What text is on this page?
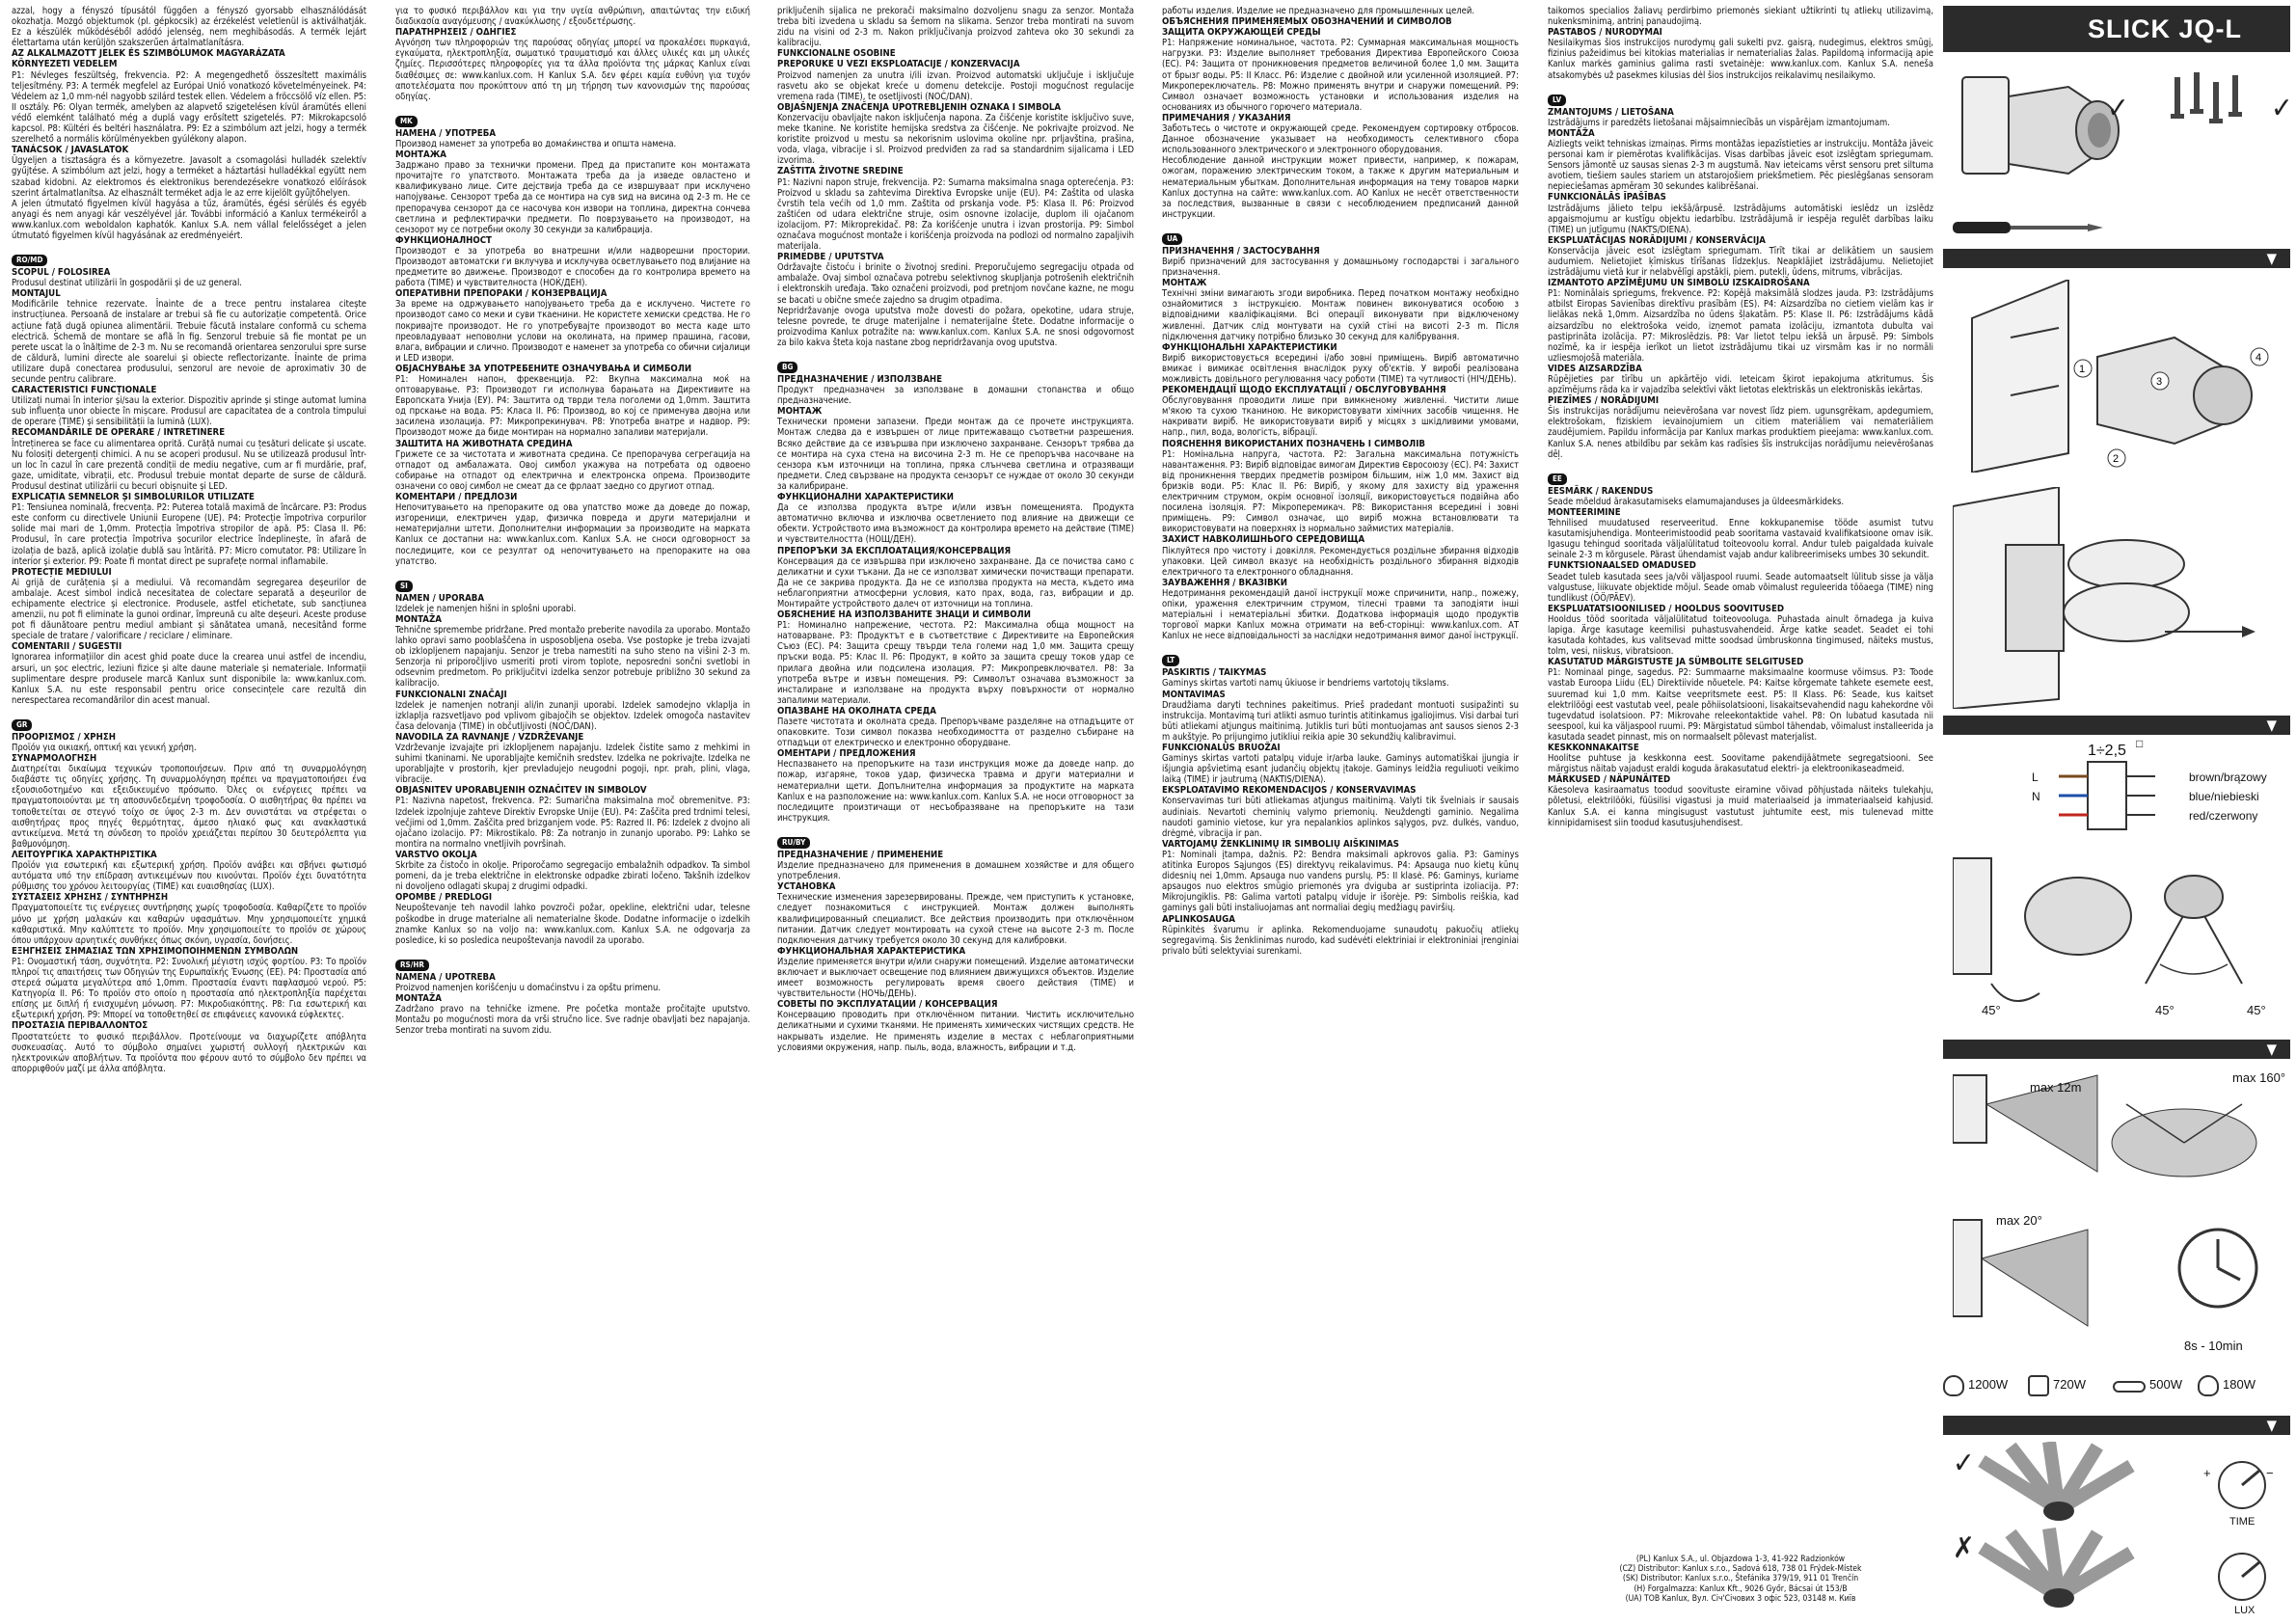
azzal, hogy a fényszó típusától függően a fényszó gyorsabb elhasználódását okozhatja. Mozgó objektumok (pl. gépkocsik) az érzékelést veletlenül is aktiválhatják. Ez a készülék működéséből adódó jelenség, nem meghibásodás. A termék lejárt élettartama után kerüljön szakszerűen ártalmatlanításra.

AZ ALKALMAZOTT JELEK ÉS SZIMBÓLUMOK MAGYARÁZATA
KÖRNYEZETI VEDELEM

P1: Névleges feszültség, frekvencia. P2: A megengedhető összesített maximális teljesítmény. P3: A termék megfelel az Európai Unió vonatkozó követelményeinek. P4: Védelem az 1,0 mm-nél nagyobb szilárd testek ellen. Védelem a fröccsölő víz ellen. P5: II osztály. P6: Olyan termék, amelyben az alapvető szigetelésen kívül áramütés elleni védő elemként található még a duplá vagy erősített szigetelés. P7: Mikrokapcsoló kapcsol. P8: Kültéri és beltéri használatra. P9: Ez a szimbólum azt jelzi, hogy a termék szerelhető a normális körülményekben gyúlékony alapon.

TANÁCSOK / JAVASLATOK

Ügyeljen a tisztaságra és a környezetre. Javasolt a csomagolási hulladék szelektív gyűjtése. A szimbólum azt jelzi, hogy a terméket a háztartási hulladékkal együtt nem szabad kidobni. Az elektromos és elektronikus berendezésekre vonatkozó előírások szerint ártalmatlanítsa. Az elhasznált terméket adja le az erre kijelölt gyűjtőhelyen.

A jelen útmutató figyelmen kívül hagyása a tűz, áramütés, égési sérülés és egyéb anyagi és nem anyagi kár veszélyével jár. További információ a Kanlux termékeiről a www.kanlux.com weboldalon kaphatók. Kanlux S.A. nem vállal felelősséget a jelen útmutató figyelmen kívül hagyásának az eredményeiért.

RO/MD
SCOPUL / FOLOSIREA

Produsul destinat utilizării în gospodării și de uz general.

MONTAJUL

Modificările tehnice rezervate. Înainte de a trece pentru instalarea citește instrucțiunea. Persoană de instalare ar trebui să fie cu autorizație competentă. Orice acțiune față dugă opiunea alimentării. Trebuie făcută instalare conformă cu schema electrică. Schemă de montare se află în fig. Senzorul trebuie să fie montat pe un perete uscat la o înălțime de 2-3 m. Nu se recomandă orientarea senzorului spre surse de căldură, lumini directe ale soarelui și obiecte reflectorizante. Înainte de prima utilizare după conectarea produsului, senzorul are nevoie de aproximativ 30 de secunde pentru calibrare.

CARACTERISTICI FUNCȚIONALE

Utilizați numai în interior și/sau la exterior. Dispozitiv aprinde și stinge automat lumina sub influența unor obiecte în mișcare. Produsul are capacitatea de a controla timpului de operare (TIME) și sensibilității la lumină (LUX).

RECOMANDĂRILE DE OPERARE / INTRETINERE

Întreținerea se face cu alimentarea oprită. Curăță numai cu țesături delicate și uscate. Nu folosiți detergenți chimici. A nu se acoperi produsul. Nu se utilizează produsul într-un loc în cazul în care prezentă condiții de mediu negative, cum ar fi murdărie, praf, gaze, umiditate, vibrații, etc. Produsul trebuie montat departe de surse de căldură. Produsul destinat utilizării cu becuri obișnuite și LED.

EXPLICAȚIA SEMNELOR ȘI SIMBOLURILOR UTILIZATE

P1: Tensiunea nominală, frecvența. P2: Puterea totală maximă de încărcare. P3: Produs este conform cu directivele Uniunii Europene (UE). P4: Protecție împotriva corpurilor solide mai mari de 1,0mm. Protecția împotriva stropilor de apă. P5: Clasa II. P6: Produsul, în care protecția împotriva șocurilor electrice îndeplinește, în afară de izolația de bază, aplică izolație dublă sau întărită. P7: Micro comutator. P8: Utilizare în interior și exterior. P9: Poate fi montat direct pe suprafețe normal inflamabile.

PROTECȚIE MEDIULUI

Ai grijă de curățenia și a mediului. Vă recomandăm segregarea deșeurilor de ambalaje. Acest simbol indică necesitatea de colectare separată a deșeurilor de echipamente electrice și electronice. Produsele, astfel etichetate, sub sancțiunea amenzii, nu pot fi eliminate la gunoi ordinar, împreună cu alte deșeuri. Aceste produse pot fi dăunătoare pentru mediul ambiant și sănătatea umană, necesitând forme speciale de tratare / valorificare / reciclare / eliminare.

COMENTARII / SUGESTII

Ignorarea informațiilor din acest ghid poate duce la crearea unui astfel de incendiu, arsuri, un șoc electric, leziuni fizice și alte daune materiale și nemateriale. Informații suplimentare despre produsele marcă Kanlux sunt disponibile la: www.kanlux.com. Kanlux S.A. nu este responsabil pentru orice consecințele care rezultă din nerespectarea recomandărilor din acest manual.

GR
ΠΡΟΟΡΙΣΜΟΣ / ΧΡΗΣΗ

Προϊόν για οικιακή, οπτική και γενική χρήση.

ΣΥΝΑΡΜΟΛΟΓΗΣΗ

Διατηρείται δικαίωμα τεχνικών τροποποιήσεων. Πριν από τη συναρμολόγηση διαβάστε τις οδηγίες χρήσης. Τη συναρμολόγηση πρέπει να πραγματοποιήσει ένα εξουσιοδοτημένο και εξειδικευμένο πρόσωπο. Όλες οι ενέργειες πρέπει να πραγματοποιούνται με τη αποσυνδεδεμένη τροφοδοσία. Ο αισθητήρας θα πρέπει να τοποθετείται σε στεγνό τοίχο σε ύψος 2-3 m. Δεν συνιστάται να στρέφεται ο αισθητήρας προς πηγές θερμότητας, άμεσο ηλιακό φως και ανακλαστικά αντικείμενα. Μετά τη σύνδεση το προϊόν χρειάζεται περίπου 30 δευτερόλεπτα για βαθμονόμηση.

ΛΕΙΤΟΥΡΓΙΚΑ ΧΑΡΑΚΤΗΡΙΣΤΙΚΑ

Προϊόν για εσωτερική και εξωτερική χρήση. Προϊόν ανάβει και σβήνει φωτισμό αυτόματα υπό την επίδραση αντικειμένων που κινούνται. Προϊόν έχει δυνατότητα ρύθμισης του χρόνου λειτουργίας (TIME) και ευαισθησίας (LUX).

ΣΥΣΤΑΣΕΙΣ ΧΡΗΣΗΣ / ΣΥΝΤΗΡΗΣΗ

Πραγματοποιείτε τις ενέργειες συντήρησης χωρίς τροφοδοσία. Καθαρίζετε το προϊόν μόνο με χρήση μαλακών και καθαρών υφασμάτων. Μην χρησιμοποιείτε χημικά καθαριστικά. Μην καλύπτετε το προϊόν. Μην χρησιμοποιείτε το προϊόν σε χώρους όπου υπάρχουν αρνητικές συνθήκες όπως σκόνη, υγρασία, δονήσεις.

ΕΞΗΓΗΣΕΙΣ ΣΗΜΑΣΙΑΣ ΤΩΝ ΧΡΗΣΙΜΟΠΟΙΗΜΕΝΩΝ ΣΥΜΒΟΛΩΝ

P1: Ονομαστική τάση, συχνότητα. P2: Συνολική μέγιστη ισχύς φορτίου. P3: Το προϊόν πληροί τις απαιτήσεις των Οδηγιών της Ευρωπαϊκής Ένωσης (ΕΕ). P4: Προστασία από στερεά σώματα μεγαλύτερα από 1,0mm. Προστασία έναντι παφλασμού νερού. P5: Κατηγορία II. P6: Το προϊόν στο οποίο η προστασία από ηλεκτροπληξία παρέχεται επίσης με διπλή ή ενισχυμένη μόνωση. P7: Μικροδιακόπτης. P8: Για εσωτερική και εξωτερική χρήση. P9: Μπορεί να τοποθετηθεί σε επιφάνειες κανονικά εύφλεκτες.

ΠΡΟΣΤΑΣΙΑ ΠΕΡΙΒΑΛΛΟΝΤΟΣ

Προστατεύετε το φυσικό περιβάλλον. Προτείνουμε να διαχωρίζετε απόβλητα συσκευασίας. Αυτό το σύμβολο σημαίνει χωριστή συλλογή ηλεκτρικών και ηλεκτρονικών αποβλήτων. Τα προϊόντα που φέρουν αυτό το σύμβολο δεν πρέπει να απορριφθούν μαζί με άλλα απόβλητα.

για το φυσικό περιβάλλον και για την υγεία ανθρώπινη, απαιτώντας την ειδική διαδικασία αναγόμευσης / ανακύκλωσης / εξουδετέρωσης.

ΠΑΡΑΤΗΡΗΣΕΙΣ / ΟΔΗΓΙΕΣ

Αγνόηση των πληροφοριών της παρούσας οδηγίας μπορεί να προκαλέσει πυρκαγιά, εγκαύματα, ηλεκτροπληξία, σωματικό τραυματισμό και άλλες υλικές και μη υλικές ζημίες. Περισσότερες πληροφορίες για τα άλλα προϊόντα της μάρκας Kanlux είναι διαθέσιμες σε: www.kanlux.com. Η Kanlux S.A. δεν φέρει καμία ευθύνη για τυχόν αποτελέσματα που προκύπτουν από τη μη τήρηση των κανονισμών της παρούσας οδηγίας.

MK
НАМЕНА / УПОТРЕБА

Производ наменет за употреба во домаќинства и општа намена.

МОНТАЖА

Задржано право за технички промени. Пред да пристапите кон монтажата прочитајте го упатството. Монтажата треба да ја изведе овластено и квалификувано лице. Сите дејствија треба да се извршуваат при исклучено напојување. Сензорот треба да се монтира на сув ѕид на висина од 2-3 m. Не се препорачува сензорот да се насочува кон извори на топлина, директна сончева светлина и рефлектирачки предмети. По поврзувањето на производот, на сензорот му се потребни околу 30 секунди за калибрација.

ФУНКЦИОНАЛНОСТ

Производот е за употреба во внатрешни и/или надворешни простории. Производот автоматски ги вклучува и исклучува осветлувањето под влијание на предметите во движење. Производот е способен да го контролира времето на работа (TIME) и чувствителноста (НОЌ/ДЕН).

ОПЕРАТИВНИ ПРЕПОРАКИ / КОНЗЕРВАЦИЈА

За време на одржувањето напојувањето треба да е исклучено. Чистете го производот само со меки и суви ткаенини. Не користете хемиски средства. Не го покривајте производот. Не го употребувајте производот во места каде што преовладуваат неповолни услови на околината, на пример прашина, гасови, влага, вибрации и слично. Производот е наменет за употреба со обични сијалици и LED извори.

ОБЈАСНУВАЊЕ ЗА УПОТРЕБЕНИТЕ ОЗНАЧУВАЊА И СИМБОЛИ

P1: Номинален напон, фреквенција. P2: Вкупна максимална моќ на оптоварување. P3: Производот ги исполнува барањата на Директивите на Европската Унија (ЕУ). P4: Заштита од тврди тела поголеми од 1,0mm. Заштита од прскање на вода. P5: Класа II. P6: Производ, во кој се применува двојна или засилена изолација. P7: Микропрекинувач. P8: Употреба внатре и надвор. P9: Производот може да биде монтиран на нормално запаливи материјали.

ЗАШТИТА НА ЖИВОТНАТА СРЕДИНА

Грижете се за чистотата и животната средина. Се препорачува сегрегација на отпадот од амбалажата. Овој симбол укажува на потребата од одвоено собирање на отпадот од електрична и електронска опрема. Производите означени со овој симбол не смеат да се фрлаат заедно со другиот отпад.

КОМЕНТАРИ / ПРЕДЛОЗИ

Непочитувањето на препораките од ова упатство може да доведе до пожар, изгореници, електричен удар, физичка повреда и други материјални и нематеријални штети. Дополнителни информации за производите на марката Kanlux се достапни на: www.kanlux.com. Kanlux S.A. не сноси одговорност за последиците, кои се резултат од непочитувањето на препораките на ова упатство.

SI
NAMEN / UPORABA

Izdelek je namenjen hišni in splošni uporabi.

MONTAŽA

Tehnične spremembe pridržane. Pred montažo preberite navodila za uporabo. Montažo lahko opravi samo pooblaščena in usposobljena oseba. Vse postopke je treba izvajati ob izklopljenem napajanju. Senzor je treba namestiti na suho steno na višini 2-3 m. Senzorja ni priporočljivo usmeriti proti virom toplote, neposredni sončni svetlobi in odsevnim predmetom. Po priključitvi izdelka senzor potrebuje približno 30 sekund za kalibracijo.

FUNKCIONALNI ZNAČAJI

Izdelek je namenjen notranji ali/in zunanji uporabi. Izdelek samodejno vklaplja in izklaplja razsvetljavo pod vplivom gibajočih se objektov. Izdelek omogoča nastavitev časa delovanja (TIME) in občutljivosti (NOČ/DAN).

NAVODILA ZA RAVNANJE / VZDRŽEVANJE

Vzdrževanje izvajajte pri izklopljenem napajanju. Izdelek čistite samo z mehkimi in suhimi tkaninami. Ne uporabljajte kemičnih sredstev. Izdelka ne pokrivajte. Izdelka ne uporabljajte v prostorih, kjer prevladujejo neugodni pogoji, npr. prah, plini, vlaga, vibracije.

OBJASNITEV UPORABLJENIH OZNAČITEV IN SIMBOLOV

P1: Nazivna napetost, frekvenca. P2: Sumarična maksimalna moč obremenitve. P3: Izdelek izpolnjuje zahteve Direktiv Evropske Unije (EU). P4: Zaščita pred trdnimi telesi, večjimi od 1,0mm. Zaščita pred brizganjem vode. P5: Razred II. P6: Izdelek z dvojno ali ojačano izolacijo. P7: Mikrostikalo. P8: Za notranjo in zunanjo uporabo. P9: Lahko se montira na normalno vnetljivih površinah.

VARSTVO OKOLJA

Skrbite za čistočo in okolje. Priporočamo segregacijo embalažnih odpadkov. Ta simbol pomeni, da je treba električne in elektronske odpadke zbirati ločeno. Takšnih izdelkov ni dovoljeno odlagati skupaj z drugimi odpadki.

OPOMBE / PREDLOGI

Neupoštevanje teh navodil lahko povzroči požar, opekline, električni udar, telesne poškodbe in druge materialne ali nematerialne škode. Dodatne informacije o izdelkih znamke Kanlux so na voljo na: www.kanlux.com. Kanlux S.A. ne odgovarja za posledice, ki so posledica neupoštevanja navodil za uporabo.

RS/HR
NAMENA / UPOTREBA

Proizvod namenjen korišćenju u domaćinstvu i za opštu primenu.

MONTAŽA

Zadržano pravo na tehničke izmene. Pre početka montaže pročitajte uputstvo. Montažu po mogućnosti mora da vrši stručno lice. Sve radnje obavljati bez napajanja. Senzor treba montirati na suvom zidu.

priključenih sijalica ne prekorači maksimalno dozvoljenu snagu za senzor. Montaža treba biti izvedena u skladu sa šemom na slikama. Senzor treba montirati na suvom zidu na visini od 2-3 m. Nakon priključivanja proizvod zahteva oko 30 sekundi za kalibraciju.

FUNKCIONALNE OSOBINE
PREPORUKE U VEZI EKSPLOATACIJE / KONZERVACIJA

Proizvod namenjen za unutra i/ili izvan. Proizvod automatski uključuje i isključuje rasvetu ako se objekat kreće u domenu detekcije. Postoji mogućnost regulacije vremena rada (TIME), te osetljivosti (NOĆ/DAN).

OBJAŠNJENJA ZNAČENJA UPOTREBLJENIH OZNAKA I SIMBOLA

Konzervaciju obavljajte nakon isključenja napona. Za čišćenje koristite isključivo suve, meke tkanine. Ne koristite hemijska sredstva za čišćenje. Ne pokrivajte proizvod. Ne koristite proizvod u mestu sa nekorisnim uslovima okoline npr. prljavština, prašina, voda, vlaga, vibracije i sl. Proizvod predviđen za rad sa standardnim sijalicama i LED izvorima.

ZAŠTITA ŽIVOTNE SREDINE

P1: Nazivni napon struje, frekvencija. P2: Sumarna maksimalna snaga opterećenja. P3: Proizvod u skladu sa zahtevima Direktiva Evropske unije (EU). P4: Zaštita od ulaska čvrstih tela većih od 1,0 mm. Zaštita od prskanja vode. P5: Klasa II. P6: Proizvod zaštićen od udara električne struje, osim osnovne izolacije, duplom ili ojačanom izolacijom. P7: Mikroprekidač. P8: Za korišćenje unutra i izvan prostorija. P9: Simbol označava mogućnost montaže i korišćenja proizvoda na podlozi od normalno zapaljivih materijala.

PRIMEDBE / UPUTSTVA

Održavajte čistoću i brinite o životnoj sredini. Preporučujemo segregaciju otpada od ambalaže. Ovaj simbol označava potrebu selektivnog skupljanja potrošenih električnih i elektronskih uređaja. Tako označeni proizvodi, pod pretnjom novčane kazne, ne mogu se bacati u obične smeće zajedno sa drugim otpadima.

Nepridržavanje ovoga uputstva može dovesti do požara, opekotine, udara struje, telesne povrede, te druge materijalne i nematerijalne štete. Dodatne informacije o proizvodima Kanlux potražite na: www.kanlux.com. Kanlux S.A. ne snosi odgovornost za bilo kakva šteta koja nastane zbog nepridržavanja ovog uputstva.

BG
ПРЕДНАЗНАЧЕНИЕ / ИЗПОЛЗВАНЕ

Продукт предназначен за използване в домашни стопанства и общо предназначение.

МОНТАЖ

Технически промени запазени. Преди монтаж да се прочете инструкцията. Монтаж следва да е извършен от лице притежаващо съответни разрешения. Всяко действие да се извършва при изключено захранване. Сензорът трябва да се монтира на суха стена на височина 2-3 m. Не се препоръчва насочване на сензора към източници на топлина, пряка слънчева светлина и отразяващи предмети. След свързване на продукта сензорът се нуждае от около 30 секунди за калибриране.

ФУНКЦИОНАЛНИ ХАРАКТЕРИСТИКИ

Да се използва продукта вътре и/или извън помещенията. Продукта автоматично включва и изключва осветлението под влияние на движещи се обекти. Устройството има възможност да контролира времето на действие (TIME) и чувствителността (НОЩ/ДЕН).

ПРЕПОРЪКИ ЗА ЕКСПЛОАТАЦИЯ/КОНСЕРВАЦИЯ

Консервация да се извършва при изключено захранване. Да се почиства само с деликатни и сухи тъкани. Да не се използват химически почистващи препарати. Да не се закрива продукта. Да не се използва продукта на места, където има неблагоприятни атмосферни условия, като прах, вода, газ, вибрации и др. Монтирайте устройството далеч от източници на топлина.

ОБЯСНЕНИЕ НА ИЗПОЛЗВАНИТЕ ЗНАЦИ И СИМВОЛИ

P1: Номинално напрежение, честота. P2: Максимална обща мощност на натоварване. P3: Продуктът е в съответствие с Директивите на Европейския Съюз (ЕС). P4: Защита срещу твърди тела големи над 1,0 мм. Защита срещу пръски вода. P5: Клас II. P6: Продукт, в който за защита срещу токов удар се прилага двойна или подсилена изолация. P7: Микропревключвател. P8: За употреба вътре и извън помещения. P9: Символът означава възможност за инсталиране и използване на продукта върху повърхности от нормално запалими материали.

ОПАЗВАНЕ НА ОКОЛНАТА СРЕДА

Пазете чистотата и околната среда. Препоръчваме разделяне на отпадъците от опаковките. Този символ показва необходимостта от разделно събиране на отпадъци от електрическо и електронно оборудване.

ОМЕНТАРИ / ПРЕДЛОЖЕНИЯ

Неспазването на препоръките на тази инструкция може да доведе напр. до пожар, изгаряне, токов удар, физическа травма и други материални и нематериални щети. Допълнителна информация за продуктите на марката Kanlux е на разположение на: www.kanlux.com. Kanlux S.A. не носи отговорност за последиците произтичащи от несъобразяване на препоръките на тази инструкция.

RU/BY
ПРЕДНАЗНАЧЕНИЕ / ПРИМЕНЕНИЕ

Изделие предназначено для применения в домашнем хозяйстве и для общего употребления.

УСТАНОВКА

Технические изменения зарезервированы. Прежде, чем приступить к установке, следует познакомиться с инструкцией. Монтаж должен выполнять квалифицированный специалист. Все действия производить при отключённом питании. Датчик следует монтировать на сухой стене на высоте 2-3 m. После подключения датчику требуется около 30 секунд для калибровки.

ФУНКЦИОНАЛЬНАЯ ХАРАКТЕРИСТИКА

Изделие применяется внутри и/или снаружи помещений. Изделие автоматически включает и выключает освещение под влиянием движущихся объектов. Изделие имеет возможность регулировать время своего действия (TIME) и чувствительности (НОЧЬ/ДЕНЬ).

СОВЕТЫ ПО ЭКСПЛУАТАЦИИ / КОНСЕРВАЦИЯ

Консервацию проводить при отключённом питании. Чистить исключительно деликатными и сухими тканями. Не применять химических чистящих средств. Не накрывать изделие. Не применять изделие в местах с неблагоприятными условиями окружения, напр. пыль, вода, влажность, вибрации и т.д.

работы изделия. Изделие не предназначено для промышленных целей.

ОБЪЯСНЕНИЯ ПРИМЕНЯЕМЫХ ОБОЗНАЧЕНИЙ И СИМВОЛОВ
ЗАЩИТА ОКРУЖАЮЩЕЙ СРЕДЫ

P1: Напряжение номинальное, частота. P2: Суммарная максимальная мощность нагрузки. P3: Изделие выполняет требования Директива Европейского Союза (ЕС). P4: Защита от проникновения предметов величиной более 1,0 мм. Защита от брызг воды. P5: II Класс. P6: Изделие с двойной или усиленной изоляцией. P7: Микропереключатель. P8: Можно применять внутри и снаружи помещений. P9: Символ означает возможность установки и использования изделия на основаниях из обычного горючего материала.

ПРИМЕЧАНИЯ / УКАЗАНИЯ

Заботьтесь о чистоте и окружающей среде. Рекомендуем сортировку отбросов. Данное обозначение указывает на необходимость селективного сбора использованного электрического и электронного оборудования.

Несоблюдение данной инструкции может привести, например, к пожарам, ожогам, поражению электрическим током, а также к другим материальным и нематериальным убыткам. Дополнительная информация на тему товаров марки Kanlux доступна на сайте: www.kanlux.com. АО Kanlux не несёт ответственности за последствия, вызванные в связи с несоблюдением предписаний данной инструкции.

UA
ПРИЗНАЧЕННЯ / ЗАСТОСУВАННЯ

Виріб призначений для застосування у домашньому господарстві і загального призначення.

МОНТАЖ

Технічні зміни вимагають згоди виробника. Перед початком монтажу необхідно ознайомитися з інструкцією. Монтаж повинен виконуватися особою з відповідними кваліфікаціями. Всі операції виконувати при відключеному живленні. Датчик слід монтувати на сухій стіні на висоті 2-3 m. Після підключення датчику потрібно близько 30 секунд для калібрування.

ФУНКЦІОНАЛЬНІ ХАРАКТЕРИСТИКИ

Виріб використовується всередині і/або зовні приміщень. Виріб автоматично вмикає і вимикає освітлення внаслідок руху об'єктів. У виробі реалізована можливість довільного регулювання часу роботи (TIME) та чутливості (НІЧ/ДЕНЬ).

РЕКОМЕНДАЦІЇ ЩОДО ЕКСПЛУАТАЦІЇ / ОБСЛУГОВУВАННЯ

Обслуговування проводити лише при вимкненому живленні. Чистити лише м'якою та сухою тканиною. Не використовувати хімічних засобів чищення. Не накривати виріб. Не використовувати виріб у місцях з шкідливими умовами, напр., пил, вода, вологість, вібрації.

ПОЯСНЕННЯ ВИКОРИСТАНИХ ПОЗНАЧЕНЬ І СИМВОЛІВ

P1: Номінальна напруга, частота. P2: Загальна максимальна потужність навантаження. P3: Виріб відповідає вимогам Директив Євросоюзу (ЄС). P4: Захист від проникнення твердих предметів розміром більшим, ніж 1,0 мм. Захист від бризків води. P5: Клас II. P6: Виріб, у якому для захисту від ураження електричним струмом, окрім основної ізоляції, використовується подвійна або посилена ізоляція. P7: Мікроперемикач. P8: Використання всередині і зовні приміщень. P9: Символ означає, що виріб можна встановлювати та використовувати на поверхнях із нормально займистих матеріалів.

ЗАХИСТ НАВКОЛИШНЬОГО СЕРЕДОВИЩА

Піклуйтеся про чистоту і довкілля. Рекомендується роздільне збирання відходів упаковки. Цей символ вказує на необхідність роздільного збирання відходів електричного та електронного обладнання.

ЗАУВАЖЕННЯ / ВКАЗІВКИ

Недотримання рекомендацій даної інструкції може спричинити, напр., пожежу, опіки, ураження електричним струмом, тілесні травми та заподіяти інші матеріальні і нематеріальні збитки. Додаткова інформація щодо продуктів торгової марки Kanlux можна отримати на веб-сторінці: www.kanlux.com. АТ Kanlux не несе відповідальності за наслідки недотримання вимог даної інструкції.

LT
PASKIRTIS / TAIKYMAS

Gaminys skirtas vartoti namų ūkiuose ir bendriems vartotojų tikslams.

MONTAVIMAS

Draudžiama daryti technines pakeitimus. Prieš pradedant montuoti susipažinti su instrukcija. Montavimą turi atlikti asmuo turintis atitinkamus įgaliojimus. Visi darbai turi būti atliekami atjungus maitinimą. Jutiklis turi būti montuojamas ant sausos sienos 2-3 m aukštyje. Po prijungimo jutikliui reikia apie 30 sekundžių kalibravimui.

FUNKCIONALŪS BRUOŽAI

Gaminys skirtas vartoti patalpų viduje ir/arba lauke. Gaminys automatiškai įjungia ir išjungia apšvietimą esant judančių objektų įtakoje. Gaminys leidžia reguliuoti veikimo laiką (TIME) ir jautrumą (NAKTIS/DIENA).

EKSPLOATAVIMO REKOMENDACIJOS / KONSERVAVIMAS

Konservavimas turi būti atliekamas atjungus maitinimą. Valyti tik švelniais ir sausais audiniais. Nevartoti cheminių valymo priemonių. Neuždengti gaminio. Negalima naudoti gaminio vietose, kur yra nepalankios aplinkos sąlygos, pvz. dulkės, vanduo, drėgmė, vibracija ir pan.

VARTOJAMŲ ŽENKLINIMŲ IR SIMBOLIŲ AIŠKINIMAS

P1: Nominali įtampa, dažnis. P2: Bendra maksimali apkrovos galia. P3: Gaminys atitinka Europos Sąjungos (ES) direktyvų reikalavimus. P4: Apsauga nuo kietų kūnų didesnių nei 1,0mm. Apsauga nuo vandens purslų. P5: II klasė. P6: Gaminys, kuriame apsaugos nuo elektros smūgio priemonės yra dviguba ar sustiprinta izoliacija. P7: Mikrojungiklis. P8: Galima vartoti patalpų viduje ir išorėje. P9: Simbolis reiškia, kad gaminys gali būti instaliuojamas ant normaliai degių medžiagų paviršių.

APLINKOSAUGA

Rūpinkitės švarumu ir aplinka. Rekomenduojame sunaudotų pakuočių atliekų segregavimą. Šis ženklinimas nurodo, kad sudėvėti elektriniai ir elektroniniai įrenginiai privalo būti selektyviai surenkami.

taikomos specialios žaliavų perdirbimo priemonės siekiant užtikrinti tų atliekų utilizavimą, nukenksminimą, antrinį panaudojimą.

PASTABOS / NURODYMAI

Nesilaikymas šios instrukcijos nurodymų gali sukelti pvz. gaisrą, nudegimus, elektros smūgį, fizinius pažeidimus bei kitokias materialias ir nematerialias žalas. Papildomą informaciją apie Kanlux markės gaminius galima rasti svetainėje: www.kanlux.com. Kanlux S.A. neneša atsakomybės už pasekmes kilusias dėl šios instrukcijos reikalavimų nesilaikymo.

LV
ZMANTOJUMS / LIETOŠANA

Izstrādājums ir paredzēts lietošanai mājsaimniecībās un vispārējam izmantojumam.

MONTĀŽA

Aizliegts veikt tehniskas izmaiņas. Pirms montāžas iepazīstieties ar instrukciju. Montāža jāveic personai kam ir piemērotas kvalifikācijas. Visas darbības jāveic esot izslēgtam spriegumam. Sensors jāmontē uz sausas sienas 2-3 m augstumā. Nav ieteicams vērst sensoru pret siltuma avotiem, tiešiem saules stariem un atstarojošiem priekšmetiem. Pēc pieslēgšanas sensoram nepieciešamas apmēram 30 sekundes kalibrēšanai.

FUNKCIONĀLĀS ĪPAŠĪBAS

Izstrādājums jālieto telpu iekšā/ārpusē. Izstrādājums automātiski ieslēdz un izslēdz apgaismojumu ar kustīgu objektu iedarbību. Izstrādājumā ir iespēja regulēt darbības laiku (TIME) un jutīgumu (NAKTS/DIENA).

EKSPLUATĀCIJAS NORĀDIJUMI / KONSERVĀCIJA

Konservācija jāveic esot izslēgtam spriegumam. Tīrīt tikai ar delikātiem un sausiem audumiem. Nelietojiet ķīmiskus tīrīšanas līdzekļus. Neapklājiet izstrādājumu. Nelietojiet izstrādājumu vietā kur ir nelabvēlīgi apstākļi, piem. putekļi, ūdens, mitrums, vibrācijas.

IZMANTOTO APZĪMĒJUMU UN SIMBOLU IZSKAIDROŠANA

P1: Nominālais spriegums, frekvence. P2: Kopējā maksimālā slodzes jauda. P3: Izstrādājums atbilst Eiropas Savienības direktīvu prasībām (ES). P4: Aizsardzība no cietiem vielām kas ir lielākas nekā 1,0mm. Aizsardzība no ūdens šļakatām. P5: Klase II. P6: Izstrādājums kādā aizsardzību no elektrošoka veido, izņemot pamata izolāciju, izmantota dubulta vai pastiprināta izolācija. P7: Mikroslēdzis. P8: Var lietot telpu iekšā un ārpusē. P9: Simbols nozīmē, ka ir iespēja ierīkot un lietot izstrādājumu tikai uz virsmām kas ir no normāli uzliesmojošā materiāla.

VIDES AIZSARDZĪBA

Rūpējieties par tīrību un apkārtējo vidi. Ieteicam šķirot iepakojuma atkritumus. Šis apzīmējums rāda ka ir vajadzība selektīvi vākt lietotas elektriskās un elektroniskās iekārtas.

PIEZĪMES / NORĀDIJUMI

Šis instrukcijas norādījumu neievērošana var novest līdz piem. ugunsgrēkam, apdegumiem, elektrošokam, fiziskiem ievainojumiem un citiem materiāliem vai nemateriāliem zaudējumiem. Papildu informācija par Kanlux markas produktiem pieejama: www.kanlux.com. Kanlux S.A. nenes atbildību par sekām kas radīsies šīs instrukcijas norādījumu neievērošanas dēļ.

EE
EESMÄRK / RAKENDUS

Seade mõeldud ärakasutamiseks elamumajanduses ja üldeesmärkideks.

MONTEERIMINE

Tehnilised muudatused reserveeritud. Enne kokkupanemise tööde asumist tutvu kasutamisjuhendiga. Monteerimistoodid peab sooritama vastavaid kvalifikatsioone omav isik. Igasugu tehingud sooritada väljalülitatud toiteovoolu korral. Andur tuleb paigaldada kuivale seinale 2-3 m kõrgusele. Pärast ühendamist vajab andur kalibreerimiseks umbes 30 sekundit.

FUNKTSIONAALSED OMADUSED

Seadet tuleb kasutada sees ja/või väljaspool ruumi. Seade automaatselt lülitub sisse ja välja valgustuse, liikuvate objektide mõjul. Seade omab võimalust reguleerida tööaega (TIME) ning tundlikust (ÖÖ/PÄEV).

EKSPLUATATSIOONILISED / HOOLDUS SOOVITUSED

Hooldus tööd sooritada väljalülitatud toiteovooluga. Puhastada ainult õrnadega ja kuiva lapiga. Ärge kasutage keemilisi puhastusvahendeid. Ärge katke seadet. Seadet ei tohi kasutada kohtades, kus valitsevad mitte soodsad ümbruskonna tingimused, näiteks mustus, tolm, vesi, niiskus, vibratsioon.

KASUTATUD MÄRGISTUSTE JA SÜMBOLITE SELGITUSED

P1: Nominaal pinge, sagedus. P2: Summaarne maksimaalne koormuse võimsus. P3: Toode vastab Euroopa Liidu (EL) Direktiivide nõuetele. P4: Kaitse kõrgemate tahkete esemete eest, suuremad kui 1,0 mm. Kaitse veepritsmete eest. P5: II Klass. P6: Seade, kus kaitset elektrilöögi eest vastutab veel, peale põhiisolatsiooni, lisakaitsevahendid nagu kahekordne või tugevdatud isolatsioon. P7: Mikrovahe releekontaktide vahel. P8: On lubatud kasutada nii seespool, kui ka väljaspool ruumi. P9: Märgistatud sümbol tähendab, võimalust installeerida ja kasutada seadet pinnast, mis on normaalselt põlevast materjalist.

KESKKONNAKAITSE

Hoolitse puhtuse ja keskkonna eest. Soovitame pakendijäätmete segregatsiooni. See märgistus näitab vajadust eraldi koguda ärakasutatud elektri- ja elektroonikaseadmeid.

MÄRKUSED / NÄPUNÄITED

Käesoleva kasiraamatus toodud soovituste eiramine võivad põhjustada näiteks tulekahju, põletusi, elektrilööki, füüsilisi vigastusi ja muid materiaalseid ja immateriaalseid kahjusid. Kanlux S.A. ei kanna mingisugust vastutust juhtumite eest, mis tulenevad mitte kinnipidamisest siin toodud kasutusjuhendisest.

(PL) Kanlux S.A., ul. Objazdowa 1-3, 41-922 Radzionków
(CZ) Distributor: Kanlux s.r.o., Sadová 618, 738 01 Frýdek-Místek
(SK) Distributor: Kanlux s.r.o., Štefánika 379/19, 911 01 Trenčín
(H) Forgalmazza: Kanlux Kft., 9026 Győr, Bácsai út 153/B
(UA) TOB Kanlux, Вул. Січ'Січових 3 офіс 523, 03148 м. Київ
SLICK JQ-L
✓	✓
▼
1
2
3
4
▼
1÷2,5 □
brown/brązowy
blue/niebieski
red/czerwony
L
N
45°	45°	45°
▼
max 12m
max 160°
max 20°
8s - 10min
1200W	720W	500W	180W
▼
✓
✗
TIME
LUX
+	−
